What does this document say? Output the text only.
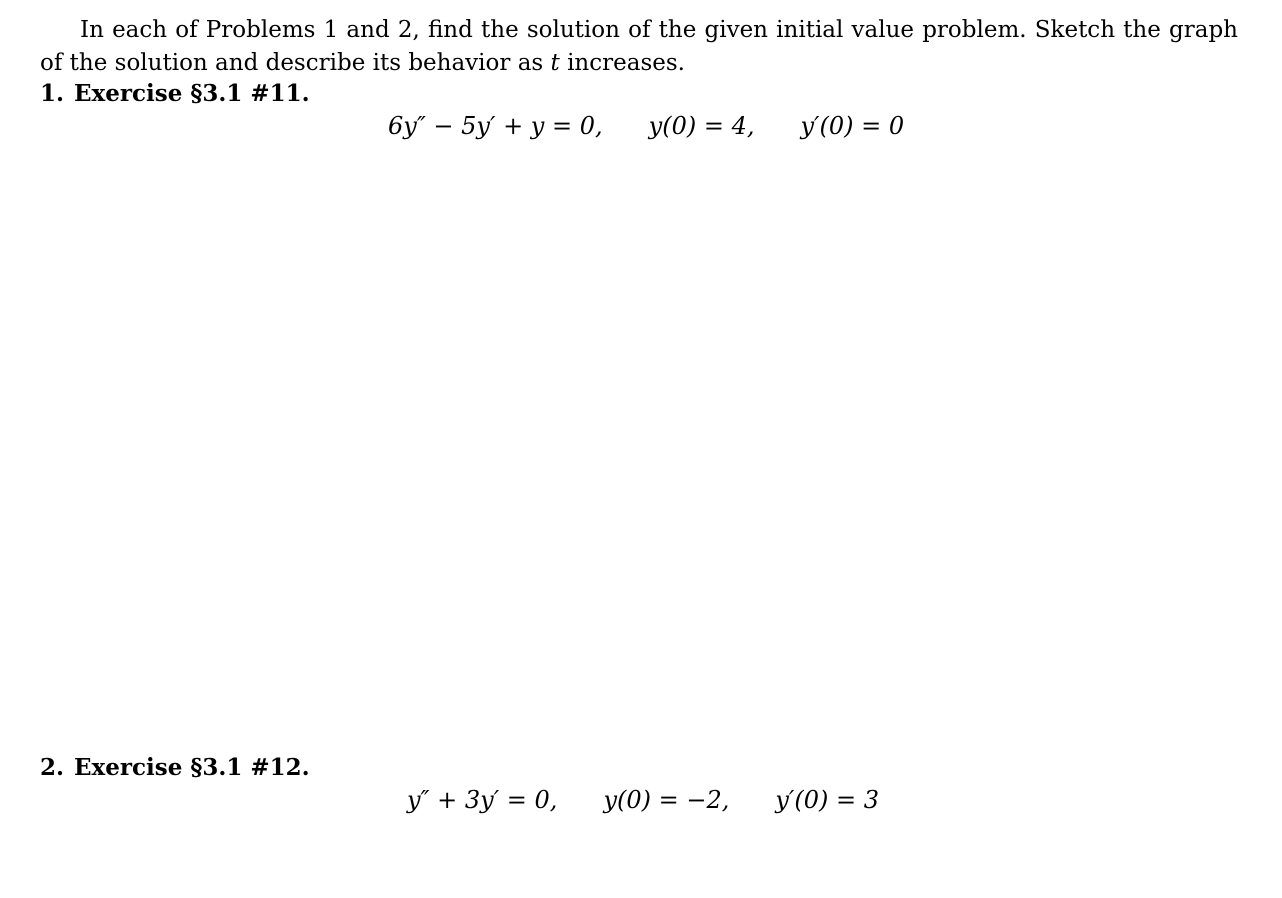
In each of Problems 1 and 2, find the solution of the given initial value problem. Sketch the graph of the solution and describe its behavior as t increases.

1. Exercise §3.1 #11.
6y″ − 5y′ + y = 0, y(0) = 4, y′(0) = 0
2. Exercise §3.1 #12.
y″ + 3y′ = 0, y(0) = −2, y′(0) = 3
